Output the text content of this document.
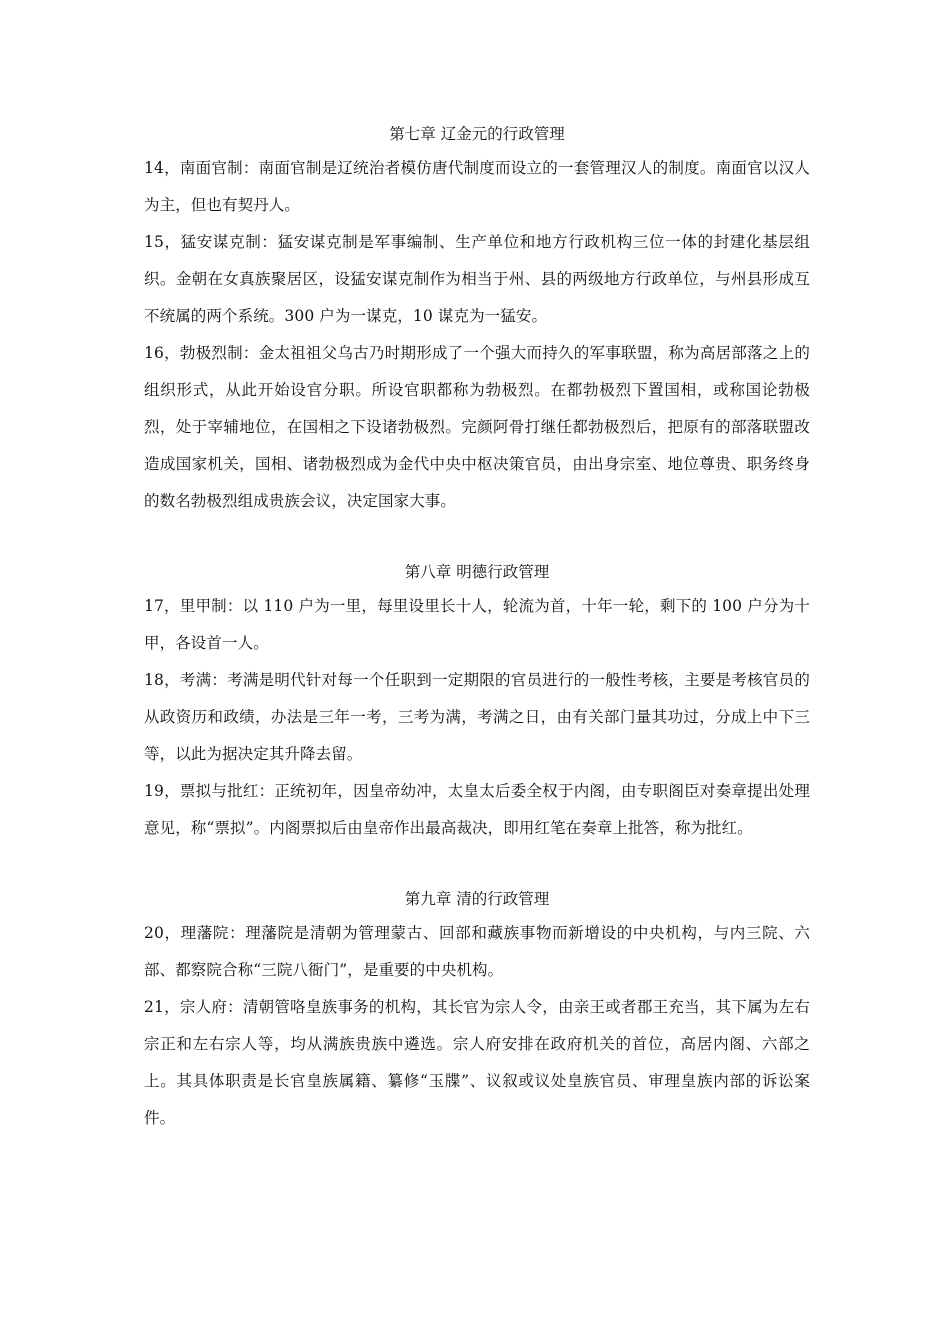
第七章 辽金元的行政管理

14，南面官制：南面官制是辽统治者模仿唐代制度而设立的一套管理汉人的制度。南面官以汉人为主，但也有契丹人。

15，猛安谋克制：猛安谋克制是军事编制、生产单位和地方行政机构三位一体的封建化基层组织。金朝在女真族聚居区，设猛安谋克制作为相当于州、县的两级地方行政单位，与州县形成互不统属的两个系统。300 户为一谋克，10 谋克为一猛安。

16，勃极烈制：金太祖祖父乌古乃时期形成了一个强大而持久的军事联盟，称为高居部落之上的组织形式，从此开始设官分职。所设官职都称为勃极烈。在都勃极烈下置国相，或称国论勃极烈，处于宰辅地位，在国相之下设诸勃极烈。完颜阿骨打继任都勃极烈后，把原有的部落联盟改造成国家机关，国相、诸勃极烈成为金代中央中枢决策官员，由出身宗室、地位尊贵、职务终身的数名勃极烈组成贵族会议，决定国家大事。

第八章 明德行政管理

17，里甲制：以 110 户为一里，每里设里长十人，轮流为首，十年一轮，剩下的 100 户分为十甲，各设首一人。

18，考满：考满是明代针对每一个任职到一定期限的官员进行的一般性考核，主要是考核官员的从政资历和政绩，办法是三年一考，三考为满，考满之日，由有关部门量其功过，分成上中下三等，以此为据决定其升降去留。

19，票拟与批红：正统初年，因皇帝幼冲，太皇太后委全权于内阁，由专职阁臣对奏章提出处理意见，称“票拟”。内阁票拟后由皇帝作出最高裁决，即用红笔在奏章上批答，称为批红。

第九章 清的行政管理

20，理藩院：理藩院是清朝为管理蒙古、回部和藏族事物而新增设的中央机构，与内三院、六部、都察院合称“三院八衙门”，是重要的中央机构。

21，宗人府：清朝管咯皇族事务的机构，其长官为宗人令，由亲王或者郡王充当，其下属为左右宗正和左右宗人等，均从满族贵族中遴选。宗人府安排在政府机关的首位，高居内阁、六部之上。其具体职责是长官皇族属籍、纂修“玉牒”、议叙或议处皇族官员、审理皇族内部的诉讼案件。
